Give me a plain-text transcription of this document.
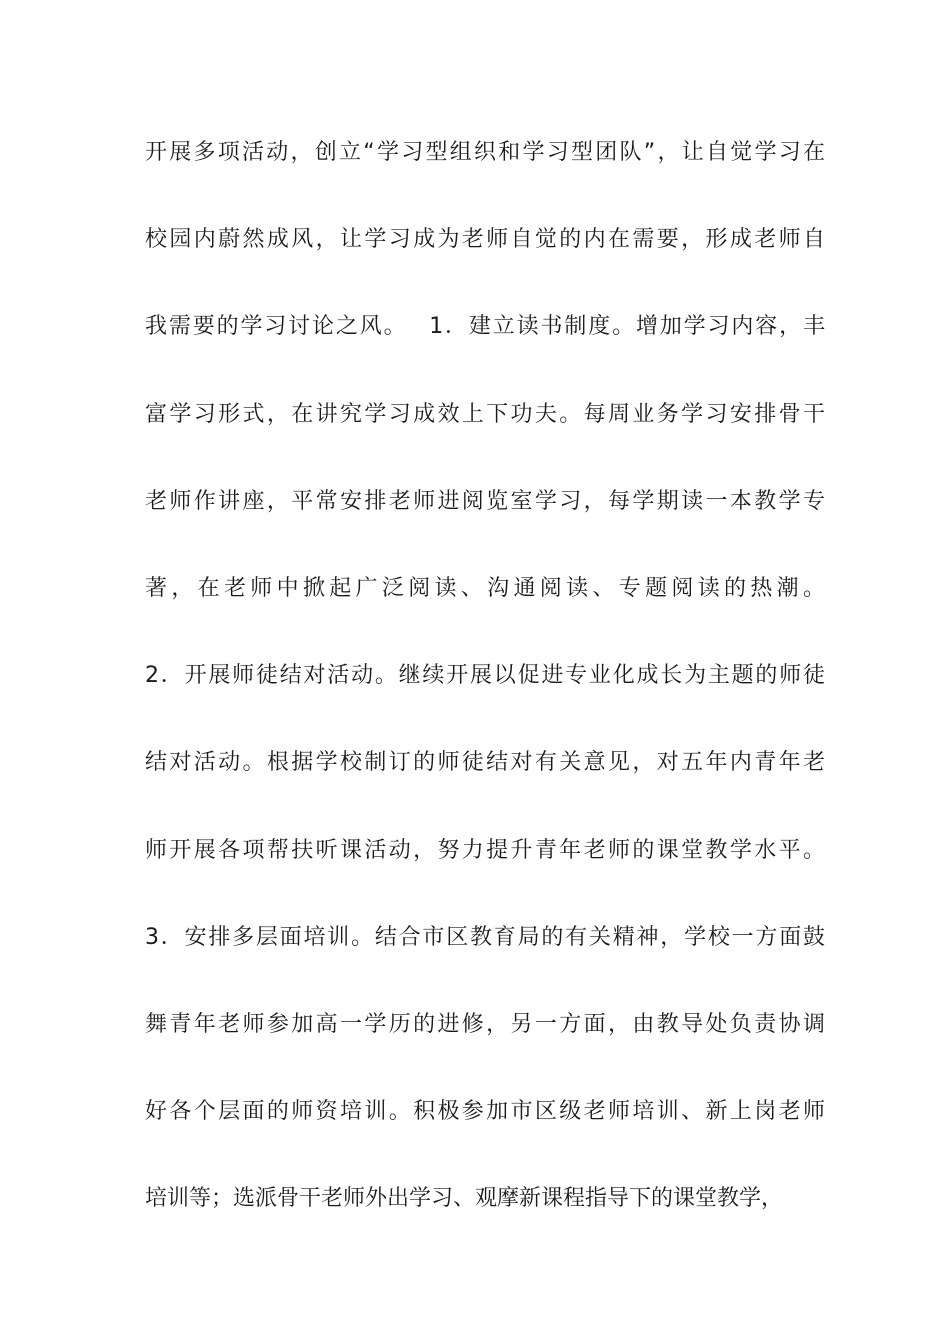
开展多项活动，创立“学习型组织和学习型团队”，让自觉学习在
校园内蔚然成风，让学习成为老师自觉的内在需要，形成老师自
我需要的学习讨论之风。　 1．建立读书制度。增加学习内容，丰
富学习形式，在讲究学习成效上下功夫。每周业务学习安排骨干
老师作讲座，平常安排老师进阅览室学习，每学期读一本教学专
著，在老师中掀起广泛阅读、沟通阅读、专题阅读的热潮。
2．开展师徒结对活动。继续开展以促进专业化成长为主题的师徒
结对活动。根据学校制订的师徒结对有关意见，对五年内青年老
师开展各项帮扶听课活动，努力提升青年老师的课堂教学水平。
3．安排多层面培训。结合市区教育局的有关精神，学校一方面鼓
舞青年老师参加高一学历的进修，另一方面，由教导处负责协调
好各个层面的师资培训。积极参加市区级老师培训、新上岗老师
培训等；选派骨干老师外出学习、观摩新课程指导下的课堂教学，
